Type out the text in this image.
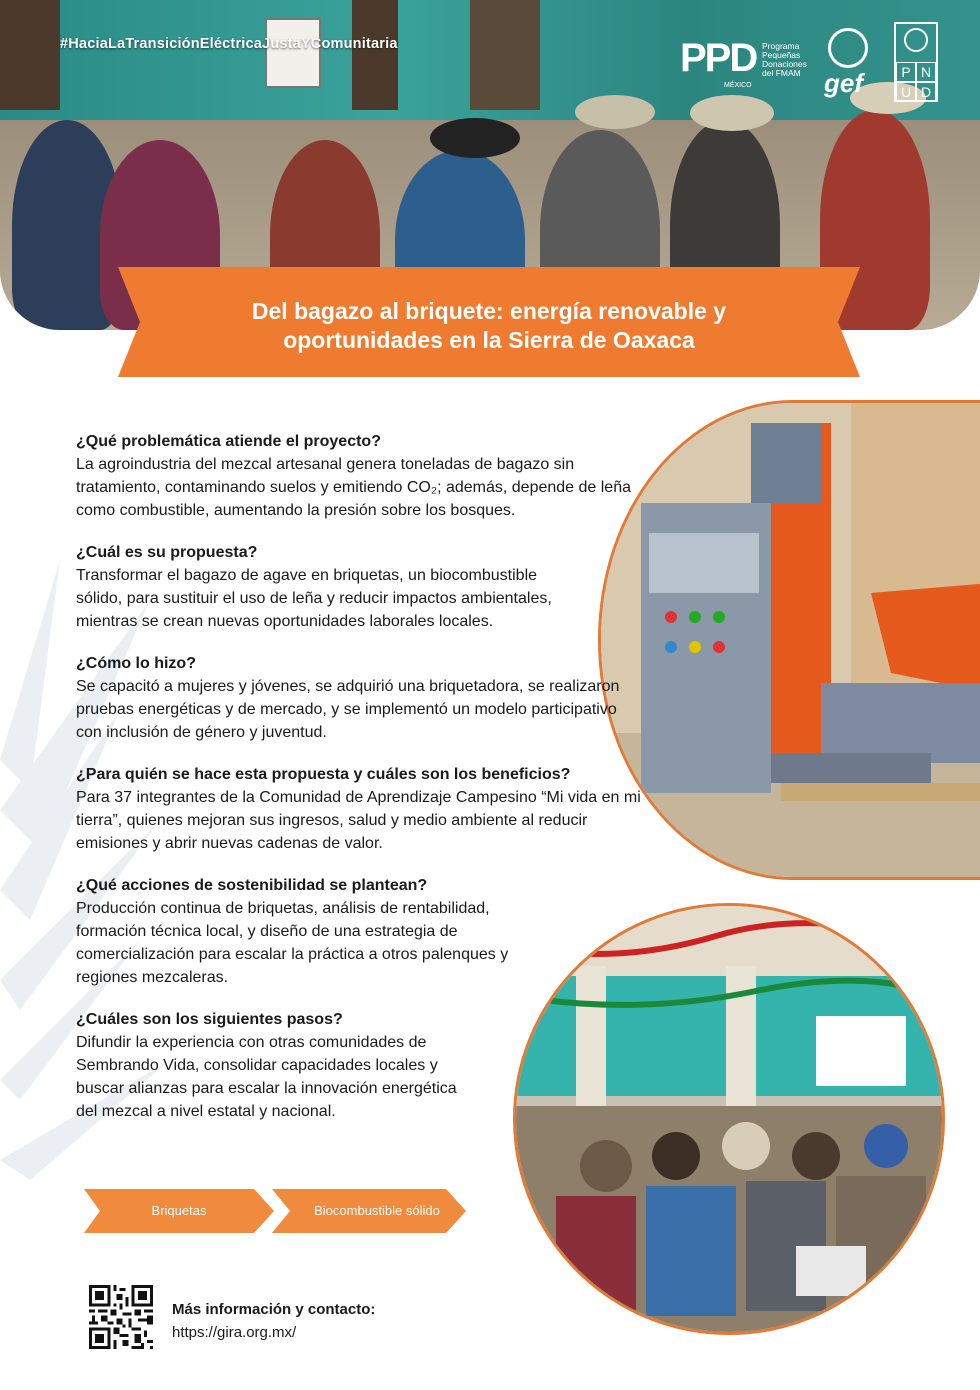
#HaciaLaTransiciónEléctricaJustaYComunitaria	PPD Programa
Pequeñas
Donaciones
del FMAM
MÉXICO	gef	P N
U D
Del bagazo al briquete: energía renovable y
oportunidades en la Sierra de Oaxaca
¿Qué problemática atiende el proyecto?

La agroindustria del mezcal artesanal genera toneladas de bagazo sin tratamiento, contaminando suelos y emitiendo CO₂; además, depende de leña como combustible, aumentando la presión sobre los bosques.

¿Cuál es su propuesta?

Transformar el bagazo de agave en briquetas, un biocombustible sólido, para sustituir el uso de leña y reducir impactos ambientales, mientras se crean nuevas oportunidades laborales locales.

¿Cómo lo hizo?

Se capacitó a mujeres y jóvenes, se adquirió una briquetadora, se realizaron pruebas energéticas y de mercado, y se implementó un modelo participativo con inclusión de género y juventud.

¿Para quién se hace esta propuesta y cuáles son los beneficios?

Para 37 integrantes de la Comunidad de Aprendizaje Campesino “Mi vida en mi tierra”, quienes mejoran sus ingresos, salud y medio ambiente al reducir emisiones y abrir nuevas cadenas de valor.

¿Qué acciones de sostenibilidad se plantean?

Producción continua de briquetas, análisis de rentabilidad, formación técnica local, y diseño de una estrategia de comercialización para escalar la práctica a otros palenques y regiones mezcaleras.

¿Cuáles son los siguientes pasos?

Difundir la experiencia con otras comunidades de Sembrando Vida, consolidar capacidades locales y buscar alianzas para escalar la innovación energética del mezcal a nivel estatal y nacional.

Briquetas	Biocombustible sólido
Más información y contacto:
https://gira.org.mx/
